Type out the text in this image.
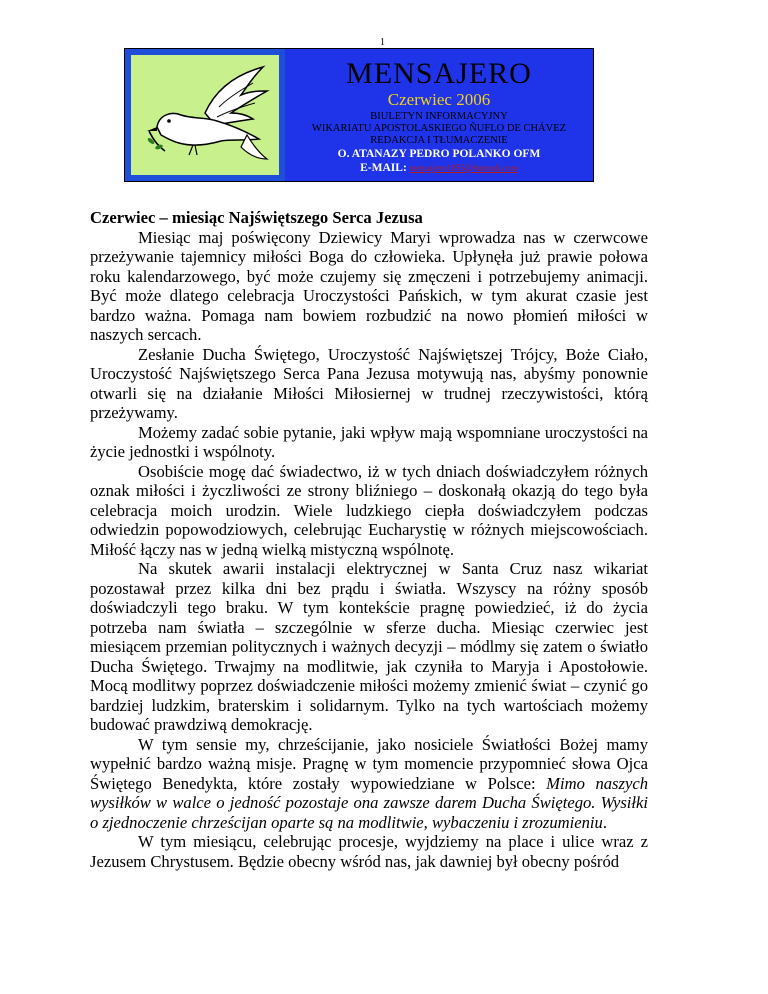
1
MENSAJERO
Czerwiec 2006
BIULETYN INFORMACYJNY
WIKARIATU APOSTOLASKIEGO ÑUFLO DE CHÁVEZ
REDAKCJA I TŁUMACZENIE
O. ATANAZY PEDRO POLANKO OFM
E-MAIL: mensajero1955@hotmail.com

Czerwiec – miesiąc Najświętszego Serca Jezusa

Miesiąc maj poświęcony Dziewicy Maryi wprowadza nas w czerwcowe przeżywanie tajemnicy miłości Boga do człowieka. Upłynęła już prawie połowa roku kalendarzowego, być może czujemy się zmęczeni i potrzebujemy animacji. Być może dlatego celebracja Uroczystości Pańskich, w tym akurat czasie jest bardzo ważna. Pomaga nam bowiem rozbudzić na nowo płomień miłości w naszych sercach.

Zesłanie Ducha Świętego, Uroczystość Najświętszej Trójcy, Boże Ciało, Uroczystość Najświętszego Serca Pana Jezusa motywują nas, abyśmy ponownie otwarli się na działanie Miłości Miłosiernej w trudnej rzeczywistości, którą przeżywamy.

Możemy zadać sobie pytanie, jaki wpływ mają wspomniane uroczystości na życie jednostki i wspólnoty.

Osobiście mogę dać świadectwo, iż w tych dniach doświadczyłem różnych oznak miłości i życzliwości ze strony bliźniego – doskonałą okazją do tego była celebracja moich urodzin. Wiele ludzkiego ciepła doświadczyłem podczas odwiedzin popowodziowych, celebrując Eucharystię w różnych miejscowościach. Miłość łączy nas w jedną wielką mistyczną wspólnotę.

Na skutek awarii instalacji elektrycznej w Santa Cruz nasz wikariat pozostawał przez kilka dni bez prądu i światła. Wszyscy na różny sposób doświadczyli tego braku. W tym kontekście pragnę powiedzieć, iż do życia potrzeba nam światła – szczególnie w sferze ducha. Miesiąc czerwiec jest miesiącem przemian politycznych i ważnych decyzji – módlmy się zatem o światło Ducha Świętego. Trwajmy na modlitwie, jak czyniła to Maryja i Apostołowie. Mocą modlitwy poprzez doświadczenie miłości możemy zmienić świat – czynić go bardziej ludzkim, braterskim i solidarnym. Tylko na tych wartościach możemy budować prawdziwą demokrację.

W tym sensie my, chrześcijanie, jako nosiciele Światłości Bożej mamy wypełnić bardzo ważną misje. Pragnę w tym momencie przypomnieć słowa Ojca Świętego Benedykta, które zostały wypowiedziane w Polsce: Mimo naszych wysiłków w walce o jedność pozostaje ona zawsze darem Ducha Świętego. Wysiłki o zjednoczenie chrześcijan oparte są na modlitwie, wybaczeniu i zrozumieniu.

W tym miesiącu, celebrując procesje, wyjdziemy na place i ulice wraz z Jezusem Chrystusem. Będzie obecny wśród nas, jak dawniej był obecny pośród
